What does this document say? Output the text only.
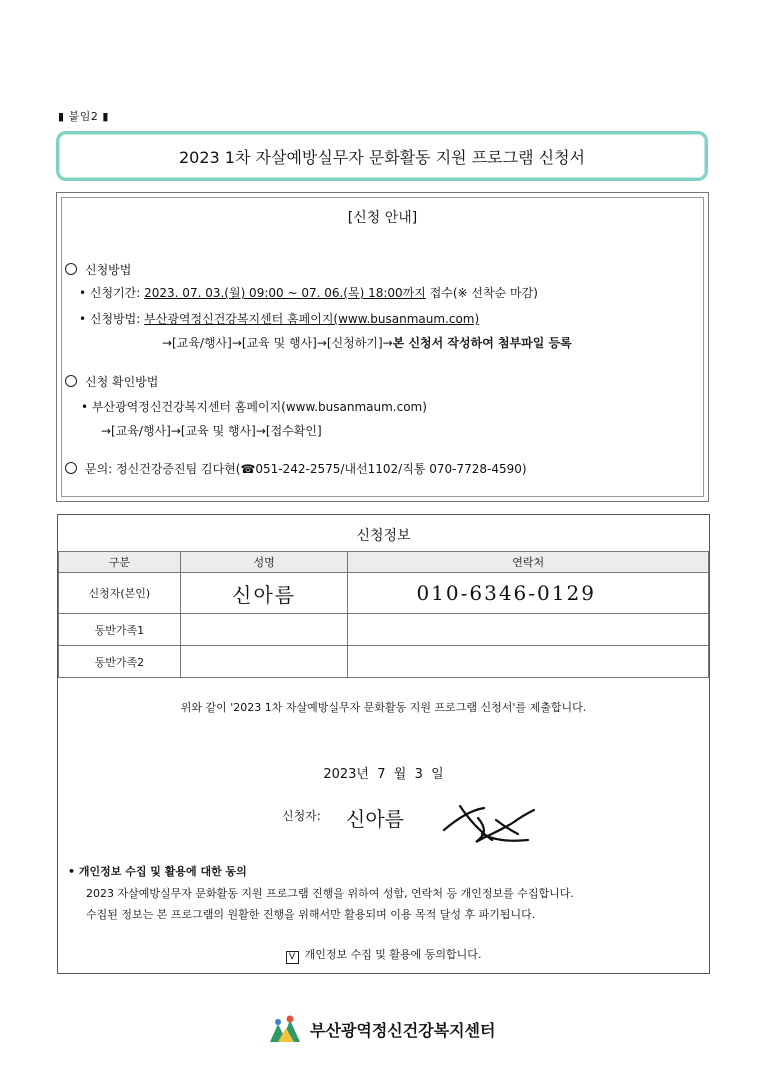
▮ 붙임2 ▮
2023 1차 자살예방실무자 문화활동 지원 프로그램 신청서
[신청 안내]
신청방법
• 신청기간: 2023. 07. 03.(월) 09:00 ~ 07. 06.(목) 18:00까지 접수(※ 선착순 마감)
• 신청방법: 부산광역정신건강복지센터 홈페이지(www.busanmaum.com)
→[교육/행사]→[교육 및 행사]→[신청하기]→본 신청서 작성하여 첨부파일 등록
신청 확인방법
• 부산광역정신건강복지센터 홈페이지(www.busanmaum.com)
→[교육/행사]→[교육 및 행사]→[접수확인]
문의: 정신건강증진팀 김다현(☎051-242-2575/내선1102/직통 070-7728-4590)
신청정보
구분	성명	연락처
신청자(본인)	신아름	010-6346-0129
동반가족1		
동반가족2		
위와 같이 '2023 1차 자살예방실무자 문화활동 지원 프로그램 신청서'를 제출합니다.
2023년  7  월  3  일
신청자: 신아름
• 개인정보 수집 및 활용에 대한 동의
2023 자살예방실무자 문화활동 지원 프로그램 진행을 위하여 성함, 연락처 등 개인정보를 수집합니다.
수집된 정보는 본 프로그램의 원활한 진행을 위해서만 활용되며 이용 목적 달성 후 파기됩니다.
V 개인정보 수집 및 활용에 동의합니다.
부산광역정신건강복지센터
